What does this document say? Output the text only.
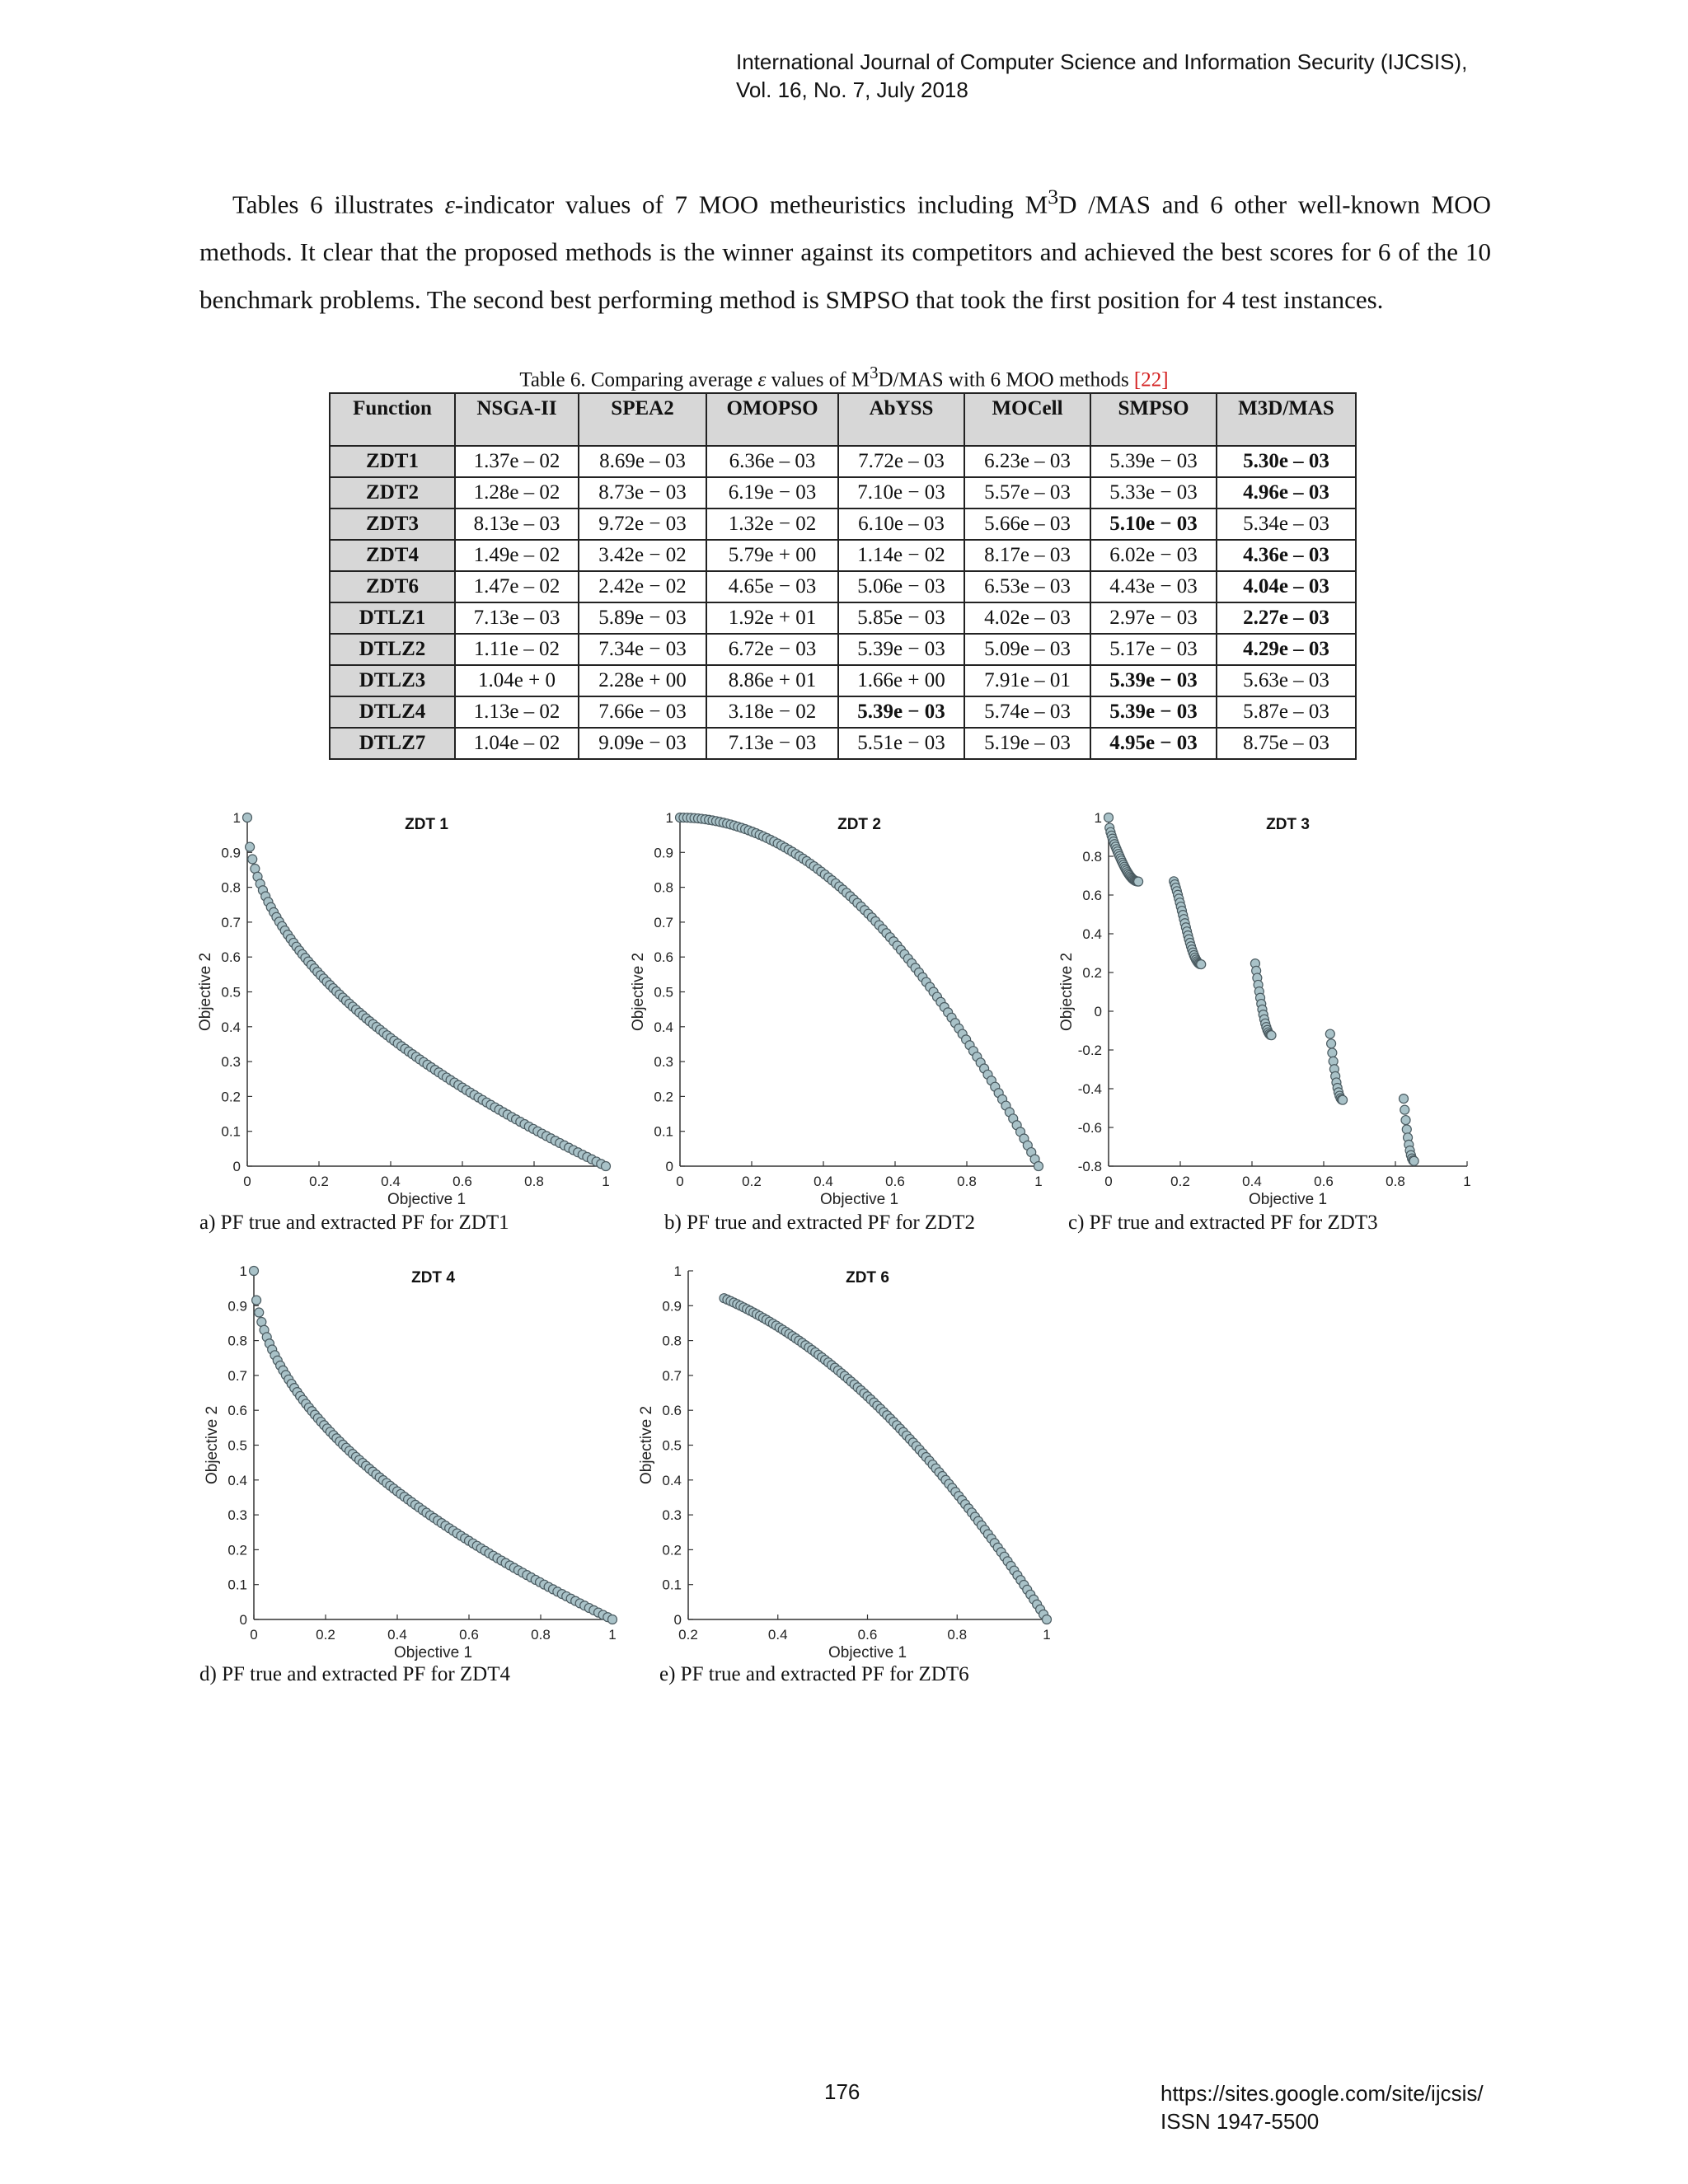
International Journal of Computer Science and Information Security (IJCSIS),
Vol. 16, No. 7, July 2018

Tables 6 illustrates ε-indicator values of 7 MOO metheuristics including $M^3D$ /MAS and 6 other well-known MOO methods. It clear that the proposed methods is the winner against its competitors and achieved the best scores for 6 of the 10 benchmark problems. The second best performing method is SMPSO that took the first position for 4 test instances.

Table 6. Comparing average ε values of $M^3D$/MAS with 6 MOO methods [22]
Function	NSGA-II	SPEA2	OMOPSO	AbYSS	MOCell	SMPSO	M3D/MAS
ZDT1	1.37e – 02	8.69e – 03	6.36e – 03	7.72e – 03	6.23e – 03	5.39e − 03	5.30e – 03
ZDT2	1.28e – 02	8.73e − 03	6.19e − 03	7.10e − 03	5.57e – 03	5.33e − 03	4.96e – 03
ZDT3	8.13e – 03	9.72e − 03	1.32e − 02	6.10e – 03	5.66e – 03	5.10e − 03	5.34e – 03
ZDT4	1.49e – 02	3.42e − 02	5.79e + 00	1.14e − 02	8.17e – 03	6.02e − 03	4.36e – 03
ZDT6	1.47e – 02	2.42e − 02	4.65e − 03	5.06e − 03	6.53e – 03	4.43e − 03	4.04e – 03
DTLZ1	7.13e – 03	5.89e − 03	1.92e + 01	5.85e − 03	4.02e – 03	2.97e − 03	2.27e – 03
DTLZ2	1.11e – 02	7.34e − 03	6.72e − 03	5.39e − 03	5.09e – 03	5.17e − 03	4.29e – 03
DTLZ3	1.04e + 0	2.28e + 00	8.86e + 01	1.66e + 00	7.91e – 01	5.39e − 03	5.63e – 03
DTLZ4	1.13e – 02	7.66e − 03	3.18e − 02	5.39e − 03	5.74e – 03	5.39e − 03	5.87e – 03
DTLZ7	1.04e – 02	9.09e − 03	7.13e − 03	5.51e − 03	5.19e – 03	4.95e − 03	8.75e – 03
0	0.2	0.4	0.6	0.8	1
0
0.1
0.2
0.3
0.4
0.5
0.6
0.7
0.8
0.9
1	ZDT 1
Objective 1
Objective 2
0	0.2	0.4	0.6	0.8	1
0
0.1
0.2
0.3
0.4
0.5
0.6
0.7
0.8
0.9
1	ZDT 2
Objective 1
Objective 2
0	0.2	0.4	0.6	0.8	1
-0.8
-0.6
-0.4
-0.2
0
0.2
0.4
0.6
0.8
1	ZDT 3
Objective 1
Objective 2
0	0.2	0.4	0.6	0.8	1
0
0.1
0.2
0.3
0.4
0.5
0.6
0.7
0.8
0.9
1	ZDT 4
Objective 1
Objective 2
0.2	0.4	0.6	0.8	1
0
0.1
0.2
0.3
0.4
0.5
0.6
0.7
0.8
0.9
1	ZDT 6
Objective 1
Objective 2
a) PF true and extracted PF for ZDT1	b) PF true and extracted PF for ZDT2	c) PF true and extracted PF for ZDT3
d) PF true and extracted PF for ZDT4	e) PF true and extracted PF for ZDT6
176	https://sites.google.com/site/ijcsis/
ISSN 1947-5500
